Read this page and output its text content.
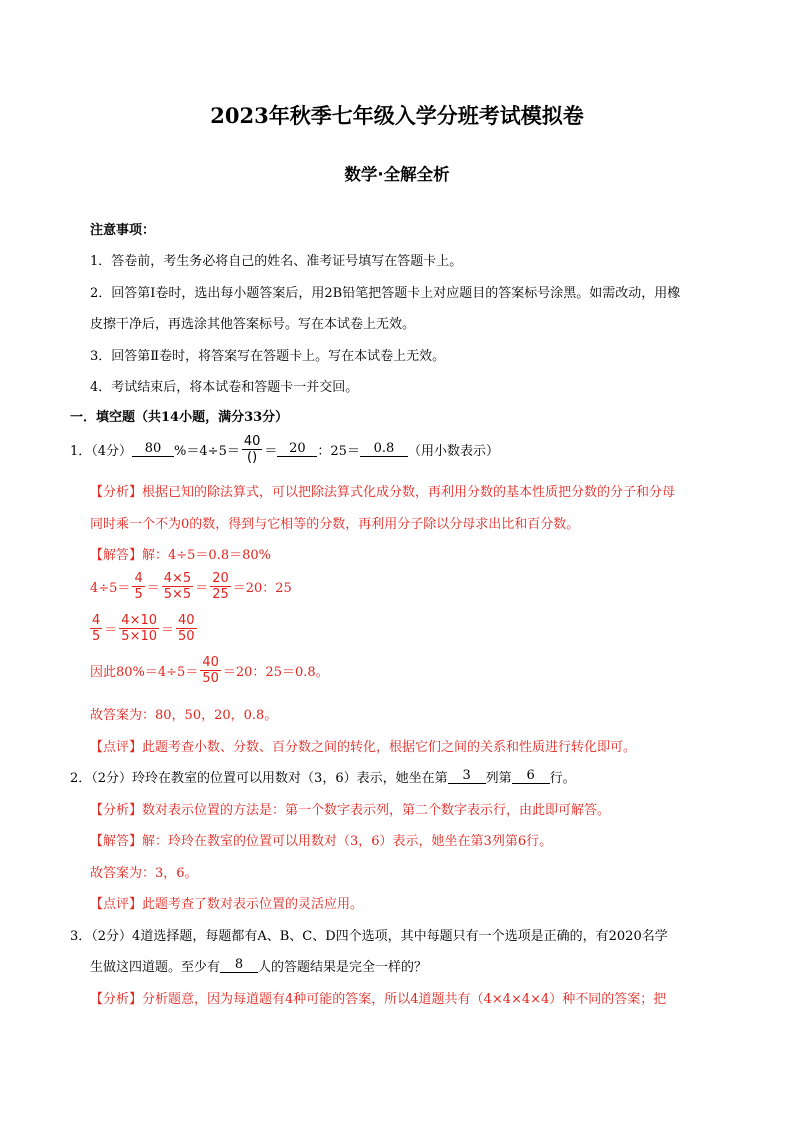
2023年秋季七年级入学分班考试模拟卷
数学·全解全析
注意事项：
1．答卷前，考生务必将自己的姓名、准考证号填写在答题卡上。
2．回答第Ⅰ卷时，选出每小题答案后，用2B铅笔把答题卡上对应题目的答案标号涂黑。如需改动，用橡
皮擦干净后，再选涂其他答案标号。写在本试卷上无效。
3．回答第Ⅱ卷时，将答案写在答题卡上。写在本试卷上无效。
4．考试结束后，将本试卷和答题卡一并交回。
一．填空题（共14小题，满分33分）
1．（4分） 80 $\%=4\div 5= \frac{40}{()} = 20$ ：25＝	0.8	（用小数表示）
【分析】根据已知的除法算式，可以把除法算式化成分数，再利用分数的基本性质把分数的分子和分母
同时乘一个不为0的数，得到与它相等的分数，再利用分子除以分母求出比和百分数。
【解答】解：4÷5＝0.8＝80%
$4\div 5= \frac{4}{5} = \frac{4\times 5}{5\times 5} = \frac{20}{25} =20$：25
$\frac{4}{5} = \frac{4\times 10}{5\times 10} = \frac{40}{50}$
因此$80\%=4\div 5= \frac{40}{50} =20$：25＝0.8。
故答案为：80，50，20，0.8。
【点评】此题考查小数、分数、百分数之间的转化，根据它们之间的关系和性质进行转化即可。
2．（2分）玲玲在教室的位置可以用数对（3，6）表示，她坐在第	3	列第	6	行。
【分析】数对表示位置的方法是：第一个数字表示列，第二个数字表示行，由此即可解答。
【解答】解：玲玲在教室的位置可以用数对（3，6）表示，她坐在第3列第6行。
故答案为：3，6。
【点评】此题考查了数对表示位置的灵活应用。
3．（2分）4道选择题，每题都有A、B、C、D四个选项，其中每题只有一个选项是正确的，有2020名学
生做这四道题。至少有	8	人的答题结果是完全一样的？
【分析】分析题意，因为每道题有4种可能的答案，所以4道题共有（4×4×4×4）种不同的答案；把
